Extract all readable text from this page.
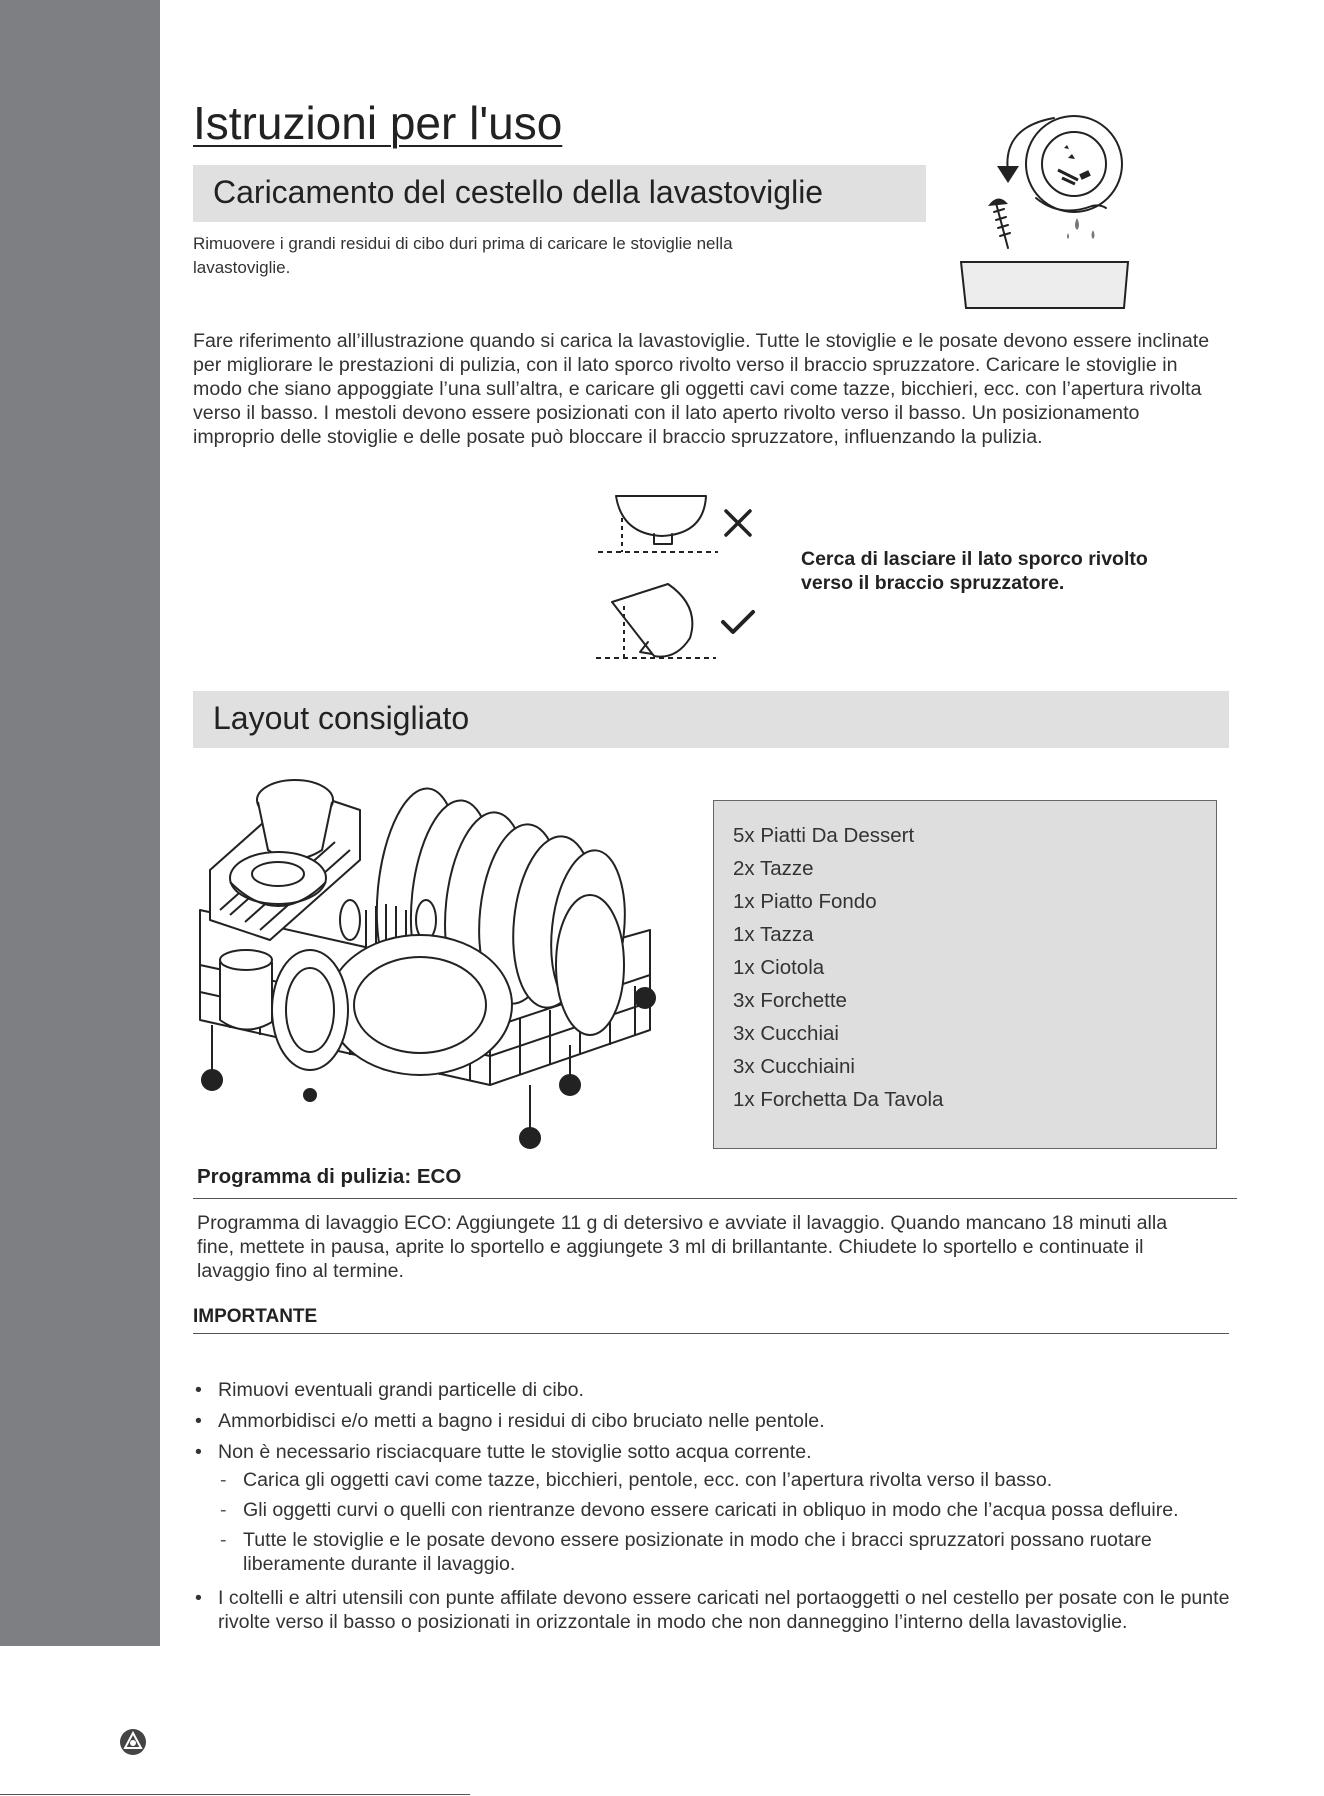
Istruzioni per l'uso
Caricamento del cestello della lavastoviglie
Rimuovere i grandi residui di cibo duri prima di caricare le stoviglie nella lavastoviglie.
Fare riferimento all’illustrazione quando si carica la lavastoviglie. Tutte le stoviglie e le posate devono essere inclinate per migliorare le prestazioni di pulizia, con il lato sporco rivolto verso il braccio spruzzatore. Caricare le stoviglie in modo che siano appoggiate l’una sull’altra, e caricare gli oggetti cavi come tazze, bicchieri, ecc. con l’apertura rivolta verso il basso. I mestoli devono essere posizionati con il lato aperto rivolto verso il basso. Un posizionamento improprio delle stoviglie e delle posate può bloccare il braccio spruzzatore, influenzando la pulizia.
Cerca di lasciare il lato sporco rivolto verso il braccio spruzzatore.
Layout consigliato
5x Piatti Da Dessert
2x Tazze
1x Piatto Fondo
1x Tazza
1x Ciotola
3x Forchette
3x Cucchiai
3x Cucchiaini
1x Forchetta Da Tavola
Programma di pulizia: ECO
Programma di lavaggio ECO: Aggiungete 11 g di detersivo e avviate il lavaggio. Quando mancano 18 minuti alla fine, mettete in pausa, aprite lo sportello e aggiungete 3 ml di brillantante. Chiudete lo sportello e continuate il lavaggio fino al termine.
IMPORTANTE
• Rimuovi eventuali grandi particelle di cibo.
• Ammorbidisci e/o metti a bagno i residui di cibo bruciato nelle pentole.
• Non è necessario risciacquare tutte le stoviglie sotto acqua corrente.
- Carica gli oggetti cavi come tazze, bicchieri, pentole, ecc. con l’apertura rivolta verso il basso.
- Gli oggetti curvi o quelli con rientranze devono essere caricati in obliquo in modo che l’acqua possa defluire.
- Tutte le stoviglie e le posate devono essere posizionate in modo che i bracci spruzzatori possano ruotare liberamente durante il lavaggio.
• I coltelli e altri utensili con punte affilate devono essere caricati nel portaoggetti o nel cestello per posate con le punte rivolte verso il basso o posizionati in orizzontale in modo che non danneggino l’interno della lavastoviglie.
